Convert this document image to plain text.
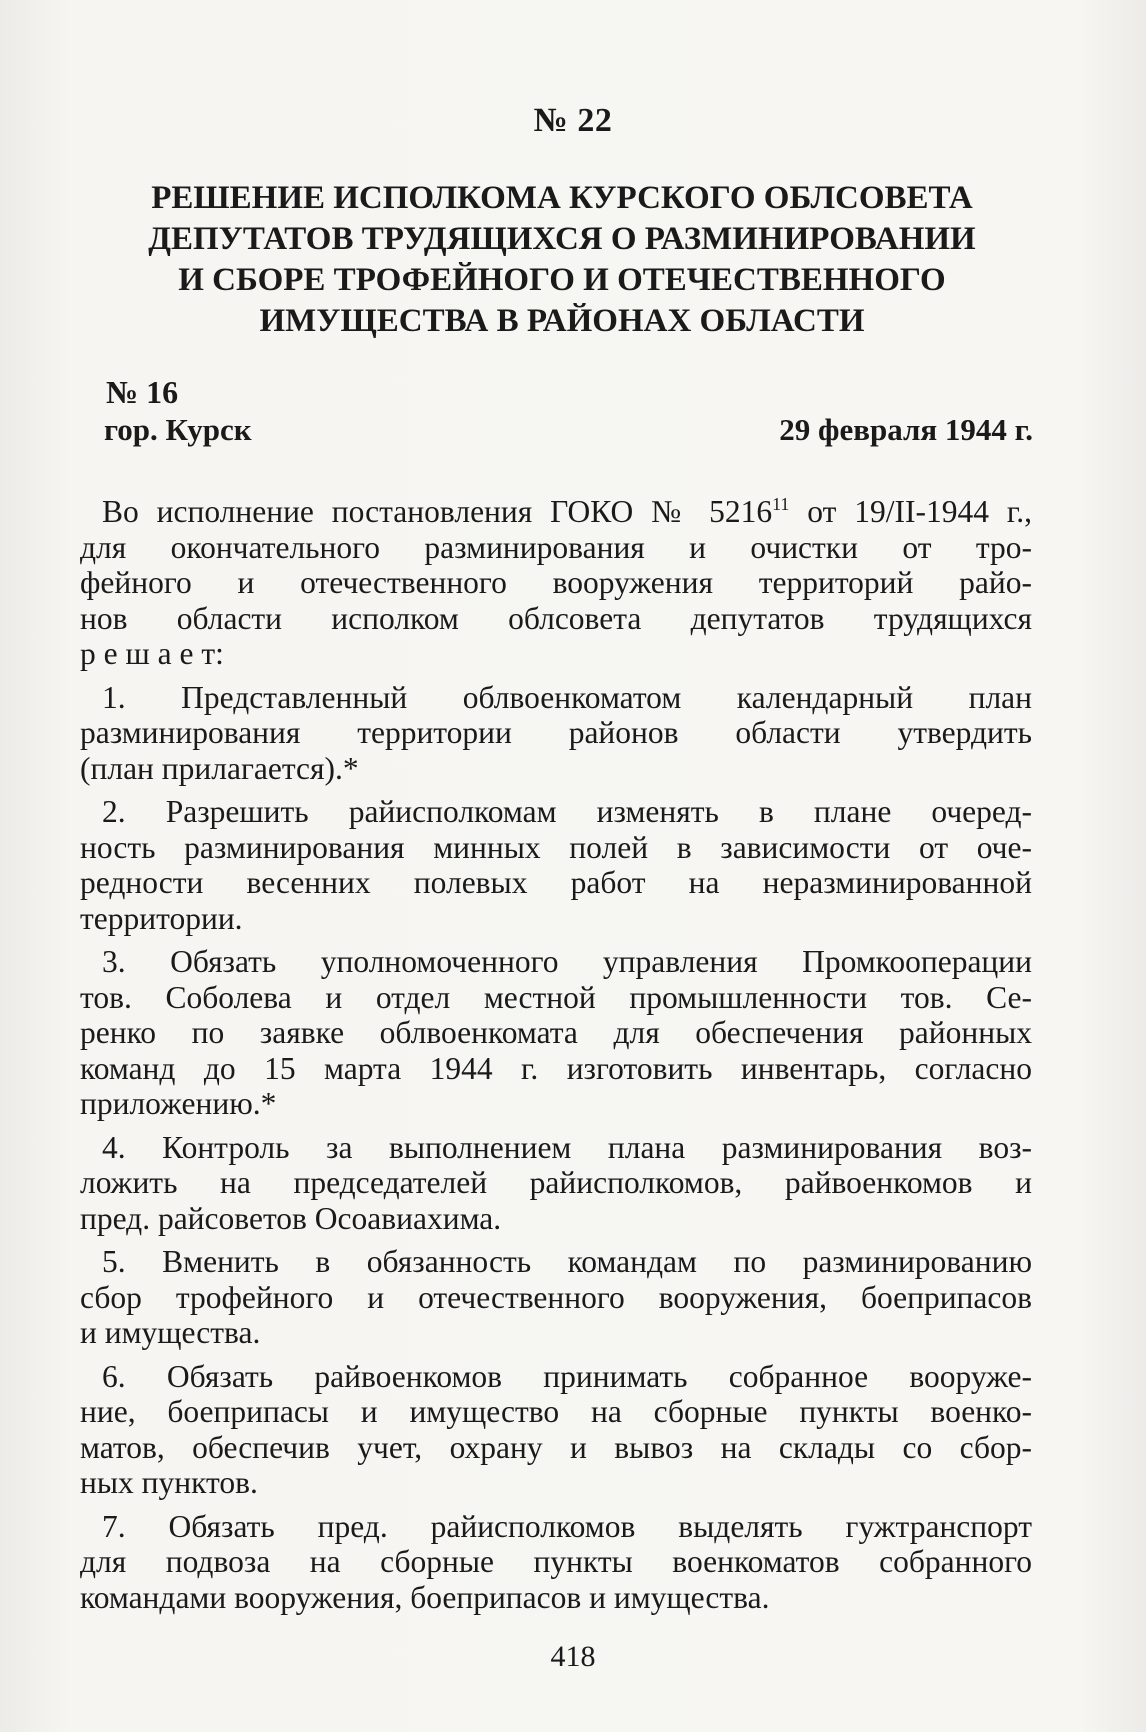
№ 22
РЕШЕНИЕ ИСПОЛКОМА КУРСКОГО ОБЛСОВЕТА
ДЕПУТАТОВ ТРУДЯЩИХСЯ О РАЗМИНИРОВАНИИ
И СБОРЕ ТРОФЕЙНОГО И ОТЕЧЕСТВЕННОГО
ИМУЩЕСТВА В РАЙОНАХ ОБЛАСТИ
№ 16
гор. Курск	29 февраля 1944 г.
Во исполнение постановления ГОКО № 5216$^{11}$ от 19/II-1944 г.,
для окончательного разминирования и очистки от тро-
фейного и отечественного вооружения территорий райо-
нов области исполком облсовета депутатов трудящихся
р е ш а е т:
1. Представленный облвоенкоматом календарный план
разминирования территории районов области утвердить
(план прилагается).*
2. Разрешить райисполкомам изменять в плане очеред-
ность разминирования минных полей в зависимости от оче-
редности весенних полевых работ на неразминированной
территории.
3. Обязать уполномоченного управления Промкооперации
тов. Соболева и отдел местной промышленности тов. Се-
ренко по заявке облвоенкомата для обеспечения районных
команд до 15 марта 1944 г. изготовить инвентарь, согласно
приложению.*
4. Контроль за выполнением плана разминирования воз-
ложить на председателей райисполкомов, райвоенкомов и
пред. райсоветов Осоавиахима.
5. Вменить в обязанность командам по разминированию
сбор трофейного и отечественного вооружения, боеприпасов
и имущества.
6. Обязать райвоенкомов принимать собранное вооруже-
ние, боеприпасы и имущество на сборные пункты военко-
матов, обеспечив учет, охрану и вывоз на склады со сбор-
ных пунктов.
7. Обязать пред. райисполкомов выделять гужтранспорт
для подвоза на сборные пункты военкоматов собранного
командами вооружения, боеприпасов и имущества.
418
